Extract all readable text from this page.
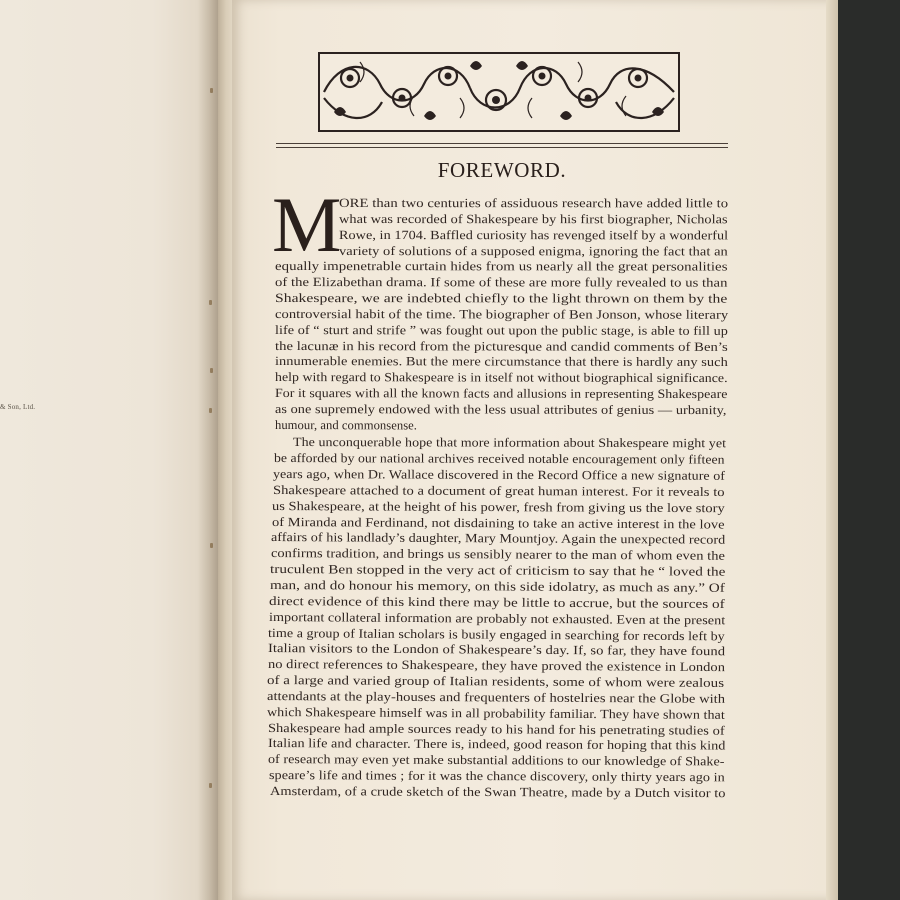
& Son, Ltd.
FOREWORD.
M
ORE than two centuries of assiduous research have added little to
what was recorded of Shakespeare by his first biographer, Nicholas
Rowe, in 1704. Baffled curiosity has revenged itself by a wonderful
variety of solutions of a supposed enigma, ignoring the fact that an
equally impenetrable curtain hides from us nearly all the great personalities
of the Elizabethan drama. If some of these are more fully revealed to us than
Shakespeare, we are indebted chiefly to the light thrown on them by the
controversial habit of the time. The biographer of Ben Jonson, whose literary
life of “ sturt and strife ” was fought out upon the public stage, is able to fill up
the lacunæ in his record from the picturesque and candid comments of Ben’s
innumerable enemies. But the mere circumstance that there is hardly any such
help with regard to Shakespeare is in itself not without biographical significance.
For it squares with all the known facts and allusions in representing Shakespeare
as one supremely endowed with the less usual attributes of genius — urbanity,
humour, and commonsense.
The unconquerable hope that more information about Shakespeare might yet
be afforded by our national archives received notable encouragement only fifteen
years ago, when Dr. Wallace discovered in the Record Office a new signature of
Shakespeare attached to a document of great human interest. For it reveals to
us Shakespeare, at the height of his power, fresh from giving us the love story
of Miranda and Ferdinand, not disdaining to take an active interest in the love
affairs of his landlady’s daughter, Mary Mountjoy. Again the unexpected record
confirms tradition, and brings us sensibly nearer to the man of whom even the
truculent Ben stopped in the very act of criticism to say that he “ loved the
man, and do honour his memory, on this side idolatry, as much as any.” Of
direct evidence of this kind there may be little to accrue, but the sources of
important collateral information are probably not exhausted. Even at the present
time a group of Italian scholars is busily engaged in searching for records left by
Italian visitors to the London of Shakespeare’s day. If, so far, they have found
no direct references to Shakespeare, they have proved the existence in London
of a large and varied group of Italian residents, some of whom were zealous
attendants at the play-houses and frequenters of hostelries near the Globe with
which Shakespeare himself was in all probability familiar. They have shown that
Shakespeare had ample sources ready to his hand for his penetrating studies of
Italian life and character. There is, indeed, good reason for hoping that this kind
of research may even yet make substantial additions to our knowledge of Shake-
speare’s life and times ; for it was the chance discovery, only thirty years ago in
Amsterdam, of a crude sketch of the Swan Theatre, made by a Dutch visitor to
